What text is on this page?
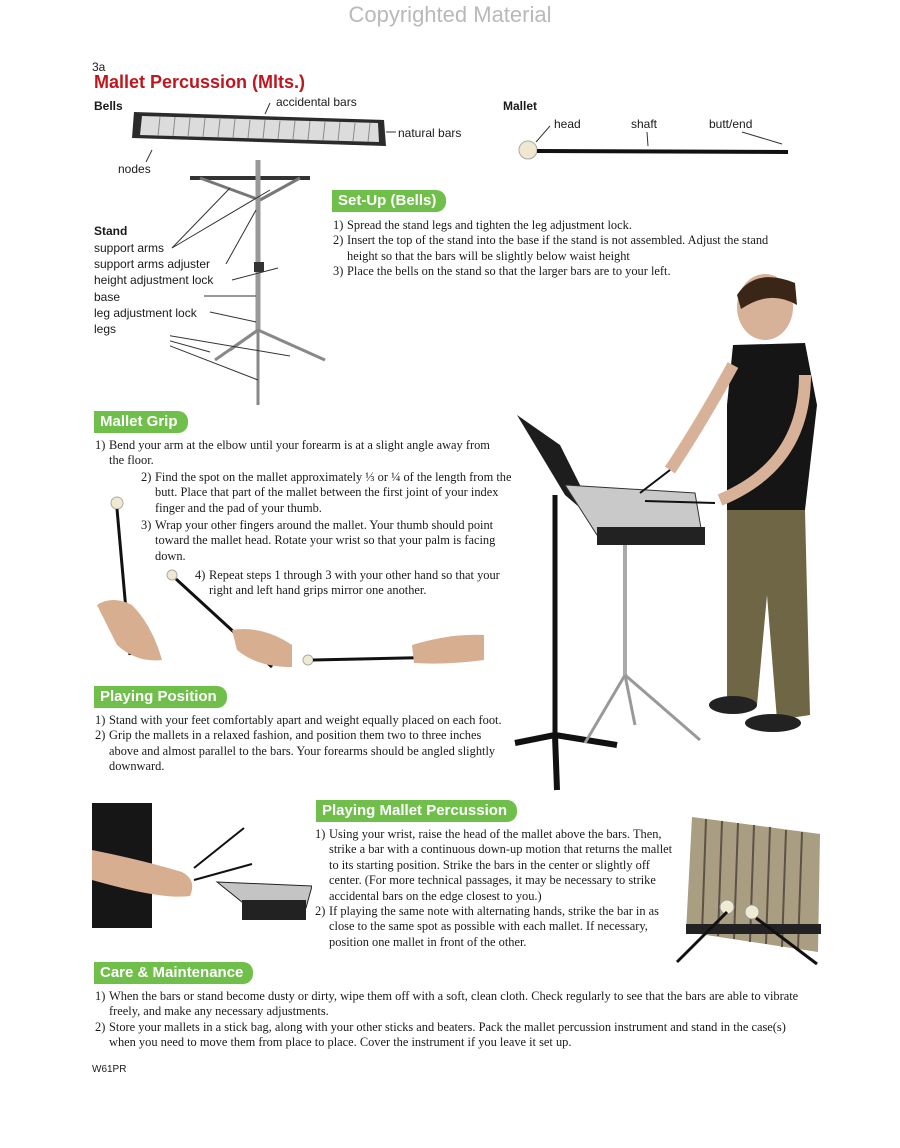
Copyrighted Material
3a
Mallet Percussion (Mlts.)
Bells	accidental bars
natural bars
nodes
Stand
support arms
support arms adjuster
height adjustment lock
base
leg adjustment lock
legs
Mallet
head	shaft	butt/end
Set-Up (Bells)

1) Spread the stand legs and tighten the leg adjustment lock.

2) Insert the top of the stand into the base if the stand is not assembled. Adjust the stand height so that the bars will be slightly below waist height

3) Place the bells on the stand so that the larger bars are to your left.

Mallet Grip

1) Bend your arm at the elbow until your forearm is at a slight angle away from the floor.

2) Find the spot on the mallet approximately ⅓ or ¼ of the length from the butt. Place that part of the mallet between the first joint of your index finger and the pad of your thumb.

3) Wrap your other fingers around the mallet. Your thumb should point toward the mallet head. Rotate your wrist so that your palm is facing down.

4) Repeat steps 1 through 3 with your other hand so that your right and left hand grips mirror one another.

Playing Position

1) Stand with your feet comfortably apart and weight equally placed on each foot.

2) Grip the mallets in a relaxed fashion, and position them two to three inches above and almost parallel to the bars. Your forearms should be angled slightly downward.

Playing Mallet Percussion

1) Using your wrist, raise the head of the mallet above the bars. Then, strike a bar with a continuous down-up motion that returns the mallet to its starting position. Strike the bars in the center or slightly off center. (For more technical passages, it may be necessary to strike accidental bars on the edge closest to you.)

2) If playing the same note with alternating hands, strike the bar in as close to the same spot as possible with each mallet. If necessary, position one mallet in front of the other.

Care & Maintenance

1) When the bars or stand become dusty or dirty, wipe them off with a soft, clean cloth. Check regularly to see that the bars are able to vibrate freely, and make any necessary adjustments.

2) Store your mallets in a stick bag, along with your other sticks and beaters. Pack the mallet percussion instrument and stand in the case(s) when you need to move them from place to place. Cover the instrument if you leave it set up.

W61PR
